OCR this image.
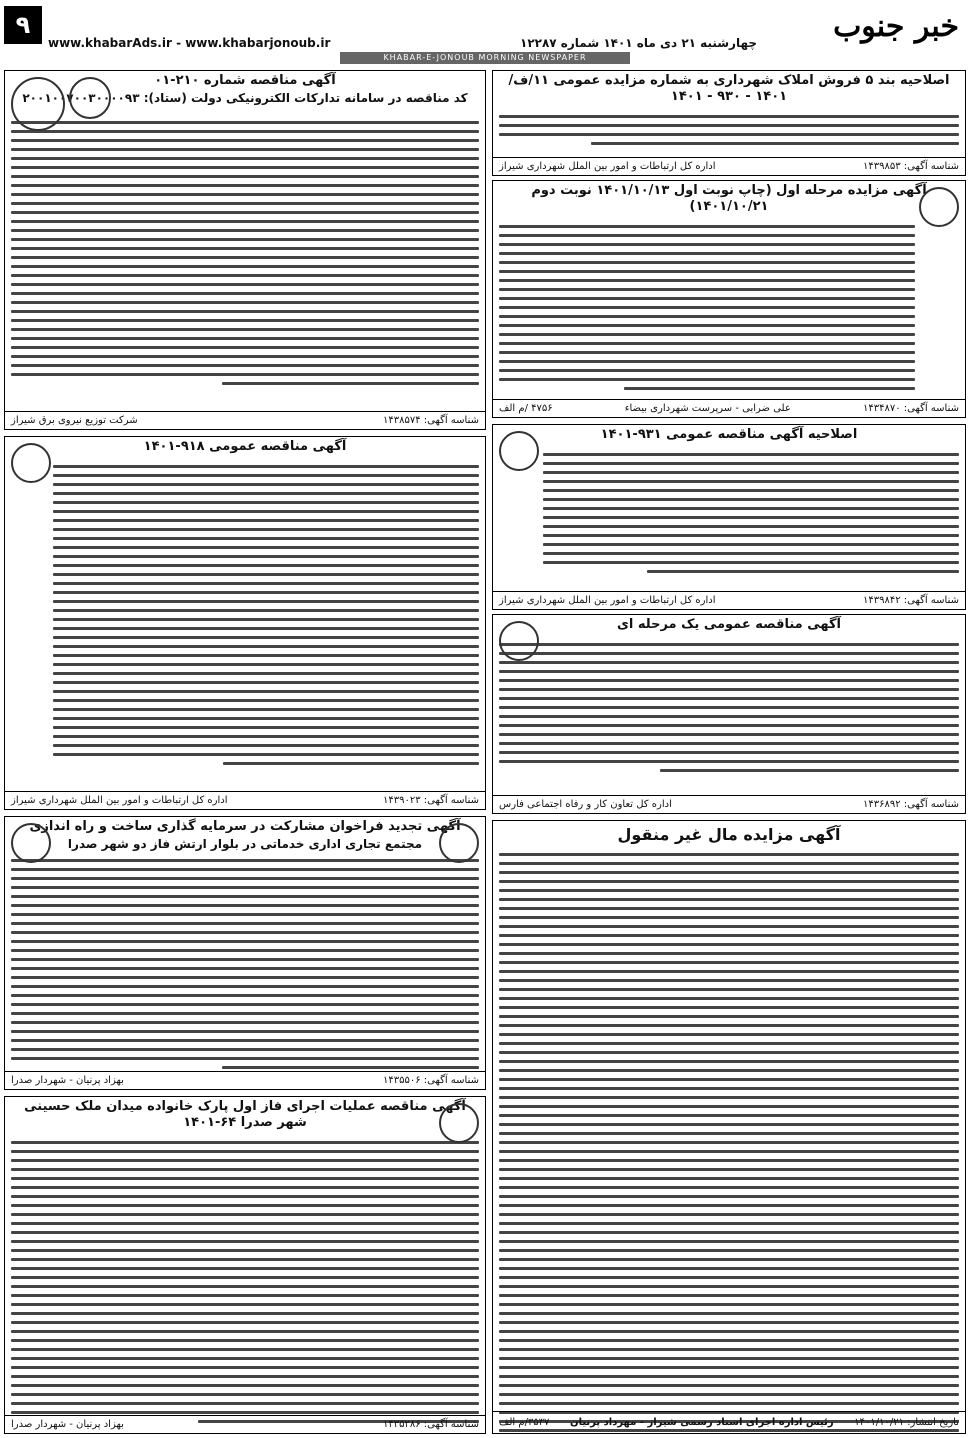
۹
www.khabarAds.ir - www.khabarjonoub.ir	چهارشنبه ۲۱ دی ماه ۱۴۰۱ شماره ۱۲۲۸۷	خبر جنوب
KHABAR-E-JONOUB MORNING NEWSPAPER
اصلاحیه بند ۵ فروش املاک شهرداری به شماره مزایده عمومی ۱۱/ف/۱۴۰۱ - ۹۳۰ - ۱۴۰۱
شناسه آگهی: ۱۴۳۹۸۵۳
اداره کل ارتباطات و امور بین الملل شهرداری شیراز
آگهی مزایده مرحله اول (چاپ نوبت اول ۱۴۰۱/۱۰/۱۳ نوبت دوم ۱۴۰۱/۱۰/۲۱)
شناسه آگهی: ۱۴۳۴۸۷۰
علی ضرابی - سرپرست شهرداری بیضاء
۴۷۵۶ /م الف
اصلاحیه آگهی مناقصه عمومی ۹۳۱-۱۴۰۱
شناسه آگهی: ۱۴۳۹۸۴۲
اداره کل ارتباطات و امور بین الملل شهرداری شیراز
آگهی مناقصه عمومی یک مرحله ای
شناسه آگهی: ۱۴۳۶۸۹۲
اداره کل تعاون کار و رفاه اجتماعی فارس
آگهی مزایده مال غیر منقول
تاریخ انتشار: ۱۴۰۱/۱۰/۲۱
رئیس اداره اجرای اسناد رسمی شیراز - مهرداد پرنیان
۳۵۳۷/م الف
آگهی مناقصه شماره ۲۱۰-۰۱
کد مناقصه در سامانه تدارکات الکترونیکی دولت (ستاد): ۲۰۰۱۰۰۷۰۰۳۰۰۰۰۹۳
شناسه آگهی: ۱۴۳۸۵۷۴
شرکت توزیع نیروی برق شیراز
آگهی مناقصه عمومی ۹۱۸-۱۴۰۱
شناسه آگهی: ۱۴۳۹۰۲۳
اداره کل ارتباطات و امور بین الملل شهرداری شیراز
آگهی تجدید فراخوان مشارکت در سرمایه گذاری ساخت و راه اندازی
مجتمع تجاری اداری خدماتی در بلوار ارتش فاز دو شهر صدرا
شناسه آگهی: ۱۴۳۵۵۰۶
بهزاد پرنیان - شهردار صدرا
آگهی مناقصه عملیات اجرای فاز اول پارک خانواده میدان ملک حسینی شهر صدرا ۶۴-۱۴۰۱
شناسه آگهی: ۱۴۳۵۲۸۶
بهزاد پرنیان - شهردار صدرا
